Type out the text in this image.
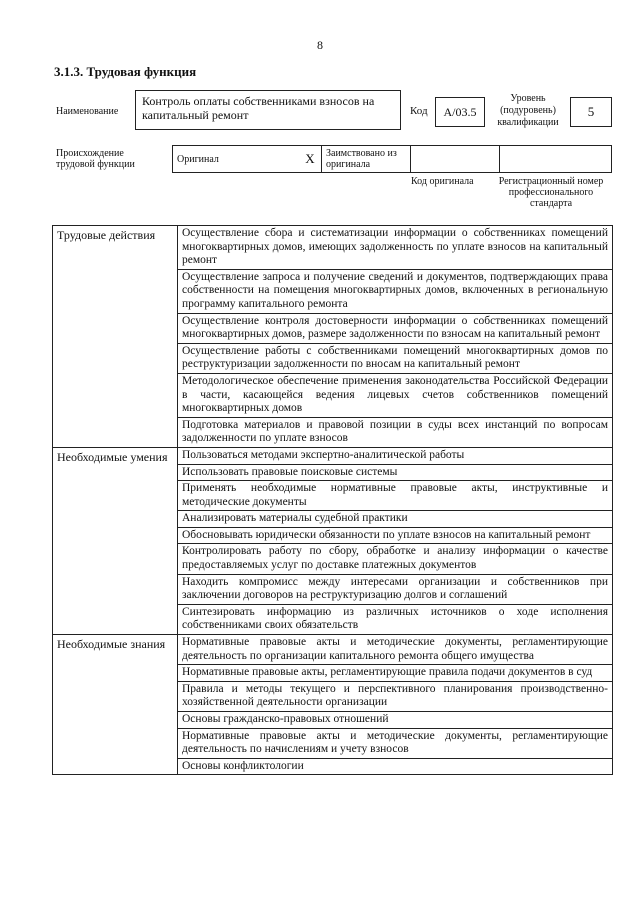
8
3.1.3. Трудовая функция
Наименование
Контроль оплаты собственниками взносов на капитальный ремонт	Код	A/03.5
Уровень
(подуровень)
квалификации
5
Происхождение
трудовой функции	Оригинал	X	Заимствовано из
оригинала

Код оригинала	Регистрационный номер
профессионального
стандарта
Трудовые действия	Осуществление сбора и систематизации информации о собственниках помещений многоквартирных домов, имеющих задолженность по уплате взносов на капитальный ремонт
	Осуществление запроса и получение сведений и документов, подтверждающих права собственности на помещения многоквартирных домов, включенных в региональную программу капитального ремонта
	Осуществление контроля достоверности информации о собственниках помещений многоквартирных домов, размере задолженности по взносам на капитальный ремонт
	Осуществление работы с собственниками помещений многоквартирных домов по реструктуризации задолженности по вносам на капитальный ремонт
	Методологическое обеспечение применения законодательства Российской Федерации в части, касающейся ведения лицевых счетов собственников помещений многоквартирных домов
	Подготовка материалов и правовой позиции в суды всех инстанций по вопросам задолженности по уплате взносов
Необходимые умения	Пользоваться методами экспертно-аналитической работы
	Использовать правовые поисковые системы
	Применять необходимые нормативные правовые акты, инструктивные и методические документы
	Анализировать материалы судебной практики
	Обосновывать юридически обязанности по уплате взносов на капитальный ремонт
	Контролировать работу по сбору, обработке и анализу информации о качестве предоставляемых услуг по доставке платежных документов
	Находить компромисс между интересами организации и собственников при заключении договоров на реструктуризацию долгов и соглашений
	Синтезировать информацию из различных источников о ходе исполнения собственниками своих обязательств
Необходимые знания	Нормативные правовые акты и методические документы, регламентирующие деятельность по организации капитального ремонта общего имущества
	Нормативные правовые акты, регламентирующие правила подачи документов в суд
	Правила и методы текущего и перспективного планирования производственно-хозяйственной деятельности организации
	Основы гражданско-правовых отношений
	Нормативные правовые акты и методические документы, регламентирующие деятельность по начислениям и учету взносов
	Основы конфликтологии
